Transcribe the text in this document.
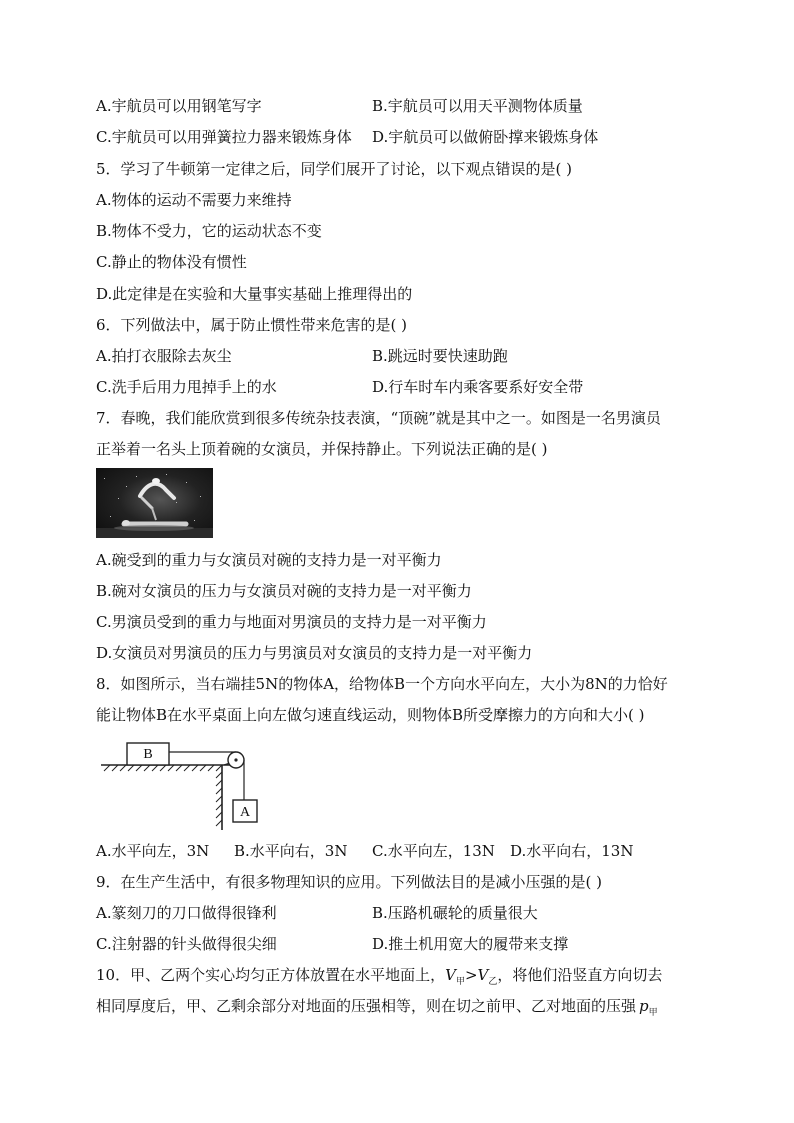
A.宇航员可以用钢笔写字	B.宇航员可以用天平测物体质量
C.宇航员可以用弹簧拉力器来锻炼身体 D.宇航员可以做俯卧撑来锻炼身体
5．学习了牛顿第一定律之后，同学们展开了讨论，以下观点错误的是( )
A.物体的运动不需要力来维持
B.物体不受力，它的运动状态不变
C.静止的物体没有惯性
D.此定律是在实验和大量事实基础上推理得出的
6．下列做法中，属于防止惯性带来危害的是( )
A.拍打衣服除去灰尘	B.跳远时要快速助跑
C.洗手后用力甩掉手上的水	D.行车时车内乘客要系好安全带
7．春晚，我们能欣赏到很多传统杂技表演，“顶碗”就是其中之一。如图是一名男演员
正举着一名头上顶着碗的女演员，并保持静止。下列说法正确的是( )
A.碗受到的重力与女演员对碗的支持力是一对平衡力
B.碗对女演员的压力与女演员对碗的支持力是一对平衡力
C.男演员受到的重力与地面对男演员的支持力是一对平衡力
D.女演员对男演员的压力与男演员对女演员的支持力是一对平衡力
8．如图所示，当右端挂5N的物体A，给物体B一个方向水平向左，大小为8N的力恰好
能让物体B在水平桌面上向左做匀速直线运动，则物体B所受摩擦力的方向和大小( )
B
A
A.水平向左，3N B.水平向右，3N C.水平向左，13N D.水平向右，13N
9．在生产生活中，有很多物理知识的应用。下列做法目的是减小压强的是( )
A.篆刻刀的刀口做得很锋利	B.压路机碾轮的质量很大
C.注射器的针头做得很尖细	D.推土机用宽大的履带来支撑
10．甲、乙两个实心均匀正方体放置在水平地面上，$V_甲>V_乙$，将他们沿竖直方向切去
相同厚度后，甲、乙剩余部分对地面的压强相等，则在切之前甲、乙对地面的压强 $p_甲$
